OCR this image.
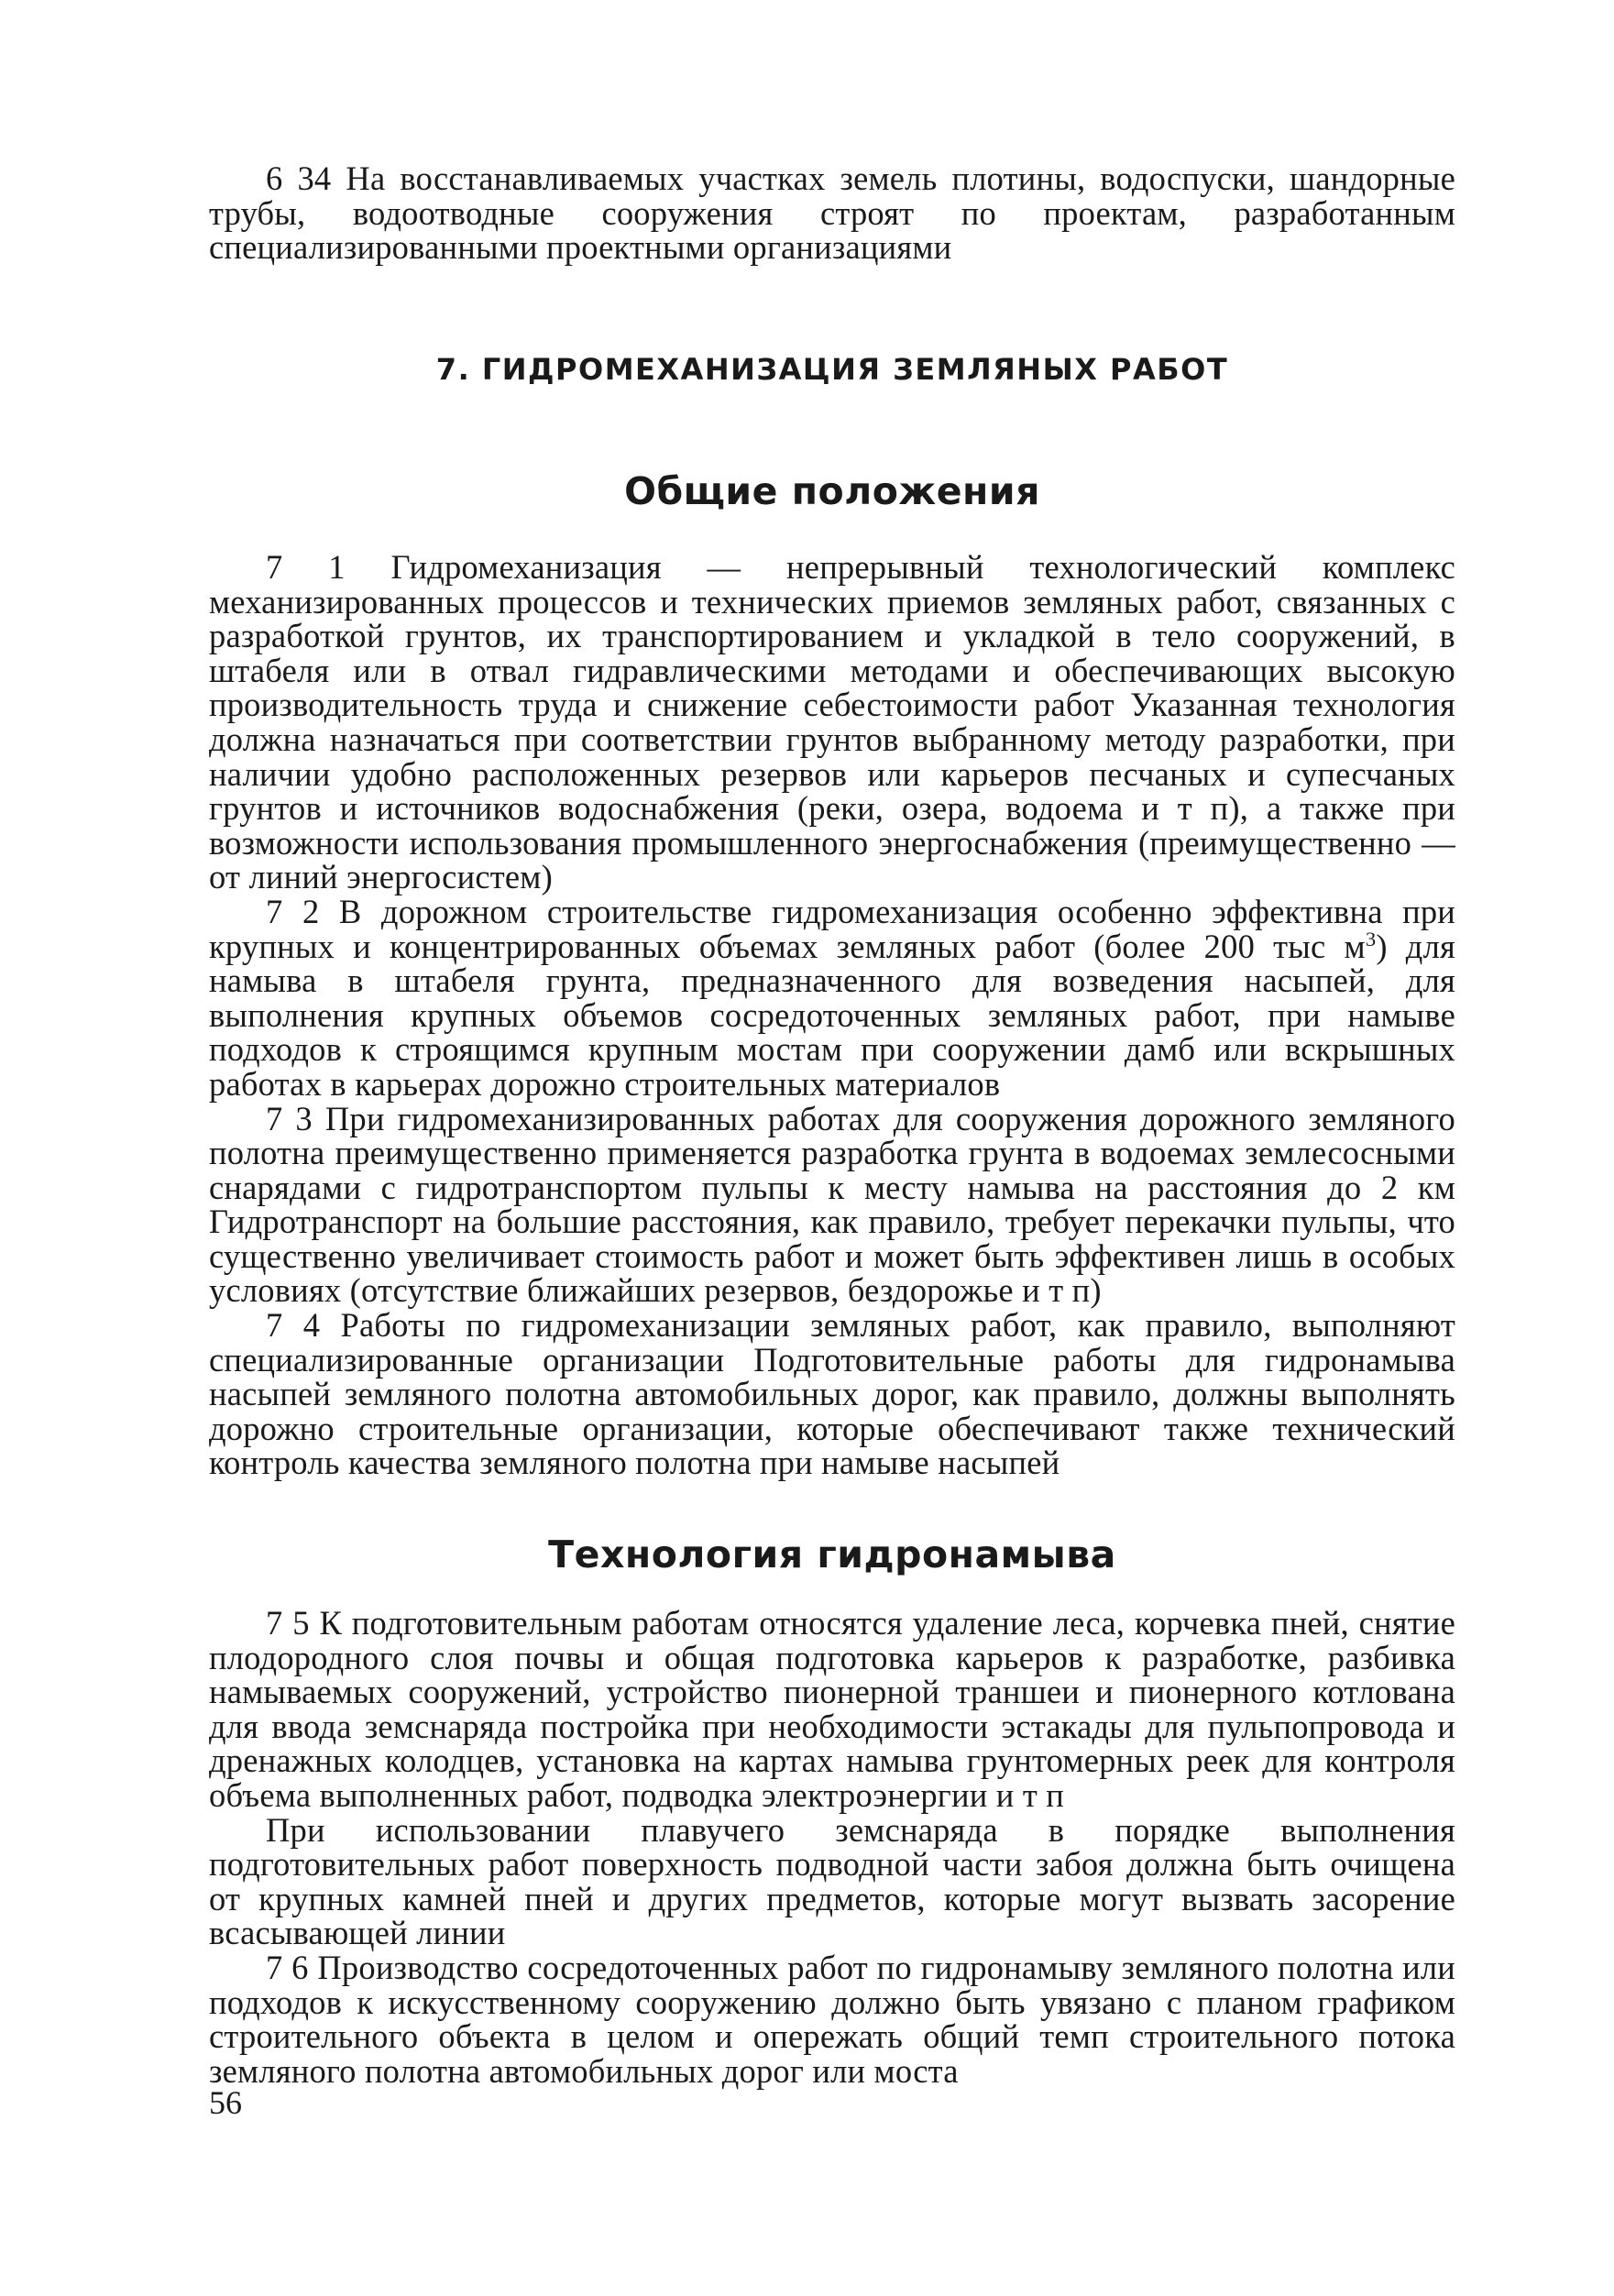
6 34 На восстанавливаемых участках земель плотины, водоспуски, шандорные трубы, водоотводные сооружения строят по проектам, разработанным специализированными проектными организациями

7. ГИДРОМЕХАНИЗАЦИЯ ЗЕМЛЯНЫХ РАБОТ
Общие положения

7 1 Гидромеханизация — непрерывный технологический комплекс механизированных процессов и технических приемов земляных работ, связанных с разработкой грунтов, их транспортированием и укладкой в тело сооружений, в штабеля или в отвал гидравлическими методами и обеспечивающих высокую производительность труда и снижение себестоимости работ Указанная технология должна назначаться при соответствии грунтов выбранному методу разработки, при наличии удобно расположенных резервов или карьеров песчаных и супесчаных грунтов и источников водоснабжения (реки, озера, водоема и т п), а также при возможности использования промышленного энергоснабжения (преимущественно — от линий энергосистем)

7 2 В дорожном строительстве гидромеханизация особенно эффективна при крупных и концентрированных объемах земляных работ (более 200 тыс $м^3$) для намыва в штабеля грунта, предназначенного для возведения насыпей, для выполнения крупных объемов сосредоточенных земляных работ, при намыве подходов к строящимся крупным мостам при сооружении дамб или вскрышных работах в карьерах дорожно строительных материалов

7 3 При гидромеханизированных работах для сооружения дорожного земляного полотна преимущественно применяется разработка грунта в водоемах землесосными снарядами с гидротранспортом пульпы к месту намыва на расстояния до 2 км Гидротранспорт на большие расстояния, как правило, требует перекачки пульпы, что существенно увеличивает стоимость работ и может быть эффективен лишь в особых условиях (отсутствие ближайших резервов, бездорожье и т п)

7 4 Работы по гидромеханизации земляных работ, как правило, выполняют специализированные организации Подготовительные работы для гидронамыва насыпей земляного полотна автомобильных дорог, как правило, должны выполнять дорожно строительные организации, которые обеспечивают также технический контроль качества земляного полотна при намыве насыпей

Технология гидронамыва

7 5 К подготовительным работам относятся удаление леса, корчевка пней, снятие плодородного слоя почвы и общая подготовка карьеров к разработке, разбивка намываемых сооружений, устройство пионерной траншеи и пионерного котлована для ввода земснаряда постройка при необходимости эстакады для пульпопровода и дренажных колодцев, установка на картах намыва грунтомерных реек для контроля объема выполненных работ, подводка электроэнергии и т п

При использовании плавучего земснаряда в порядке выполнения подготовительных работ поверхность подводной части забоя должна быть очищена от крупных камней пней и других предметов, которые могут вызвать засорение всасывающей линии

7 6 Производство сосредоточенных работ по гидронамыву земляного полотна или подходов к искусственному сооружению должно быть увязано с планом графиком строительного объекта в целом и опережать общий темп строительного потока земляного полотна автомобильных дорог или моста

56
